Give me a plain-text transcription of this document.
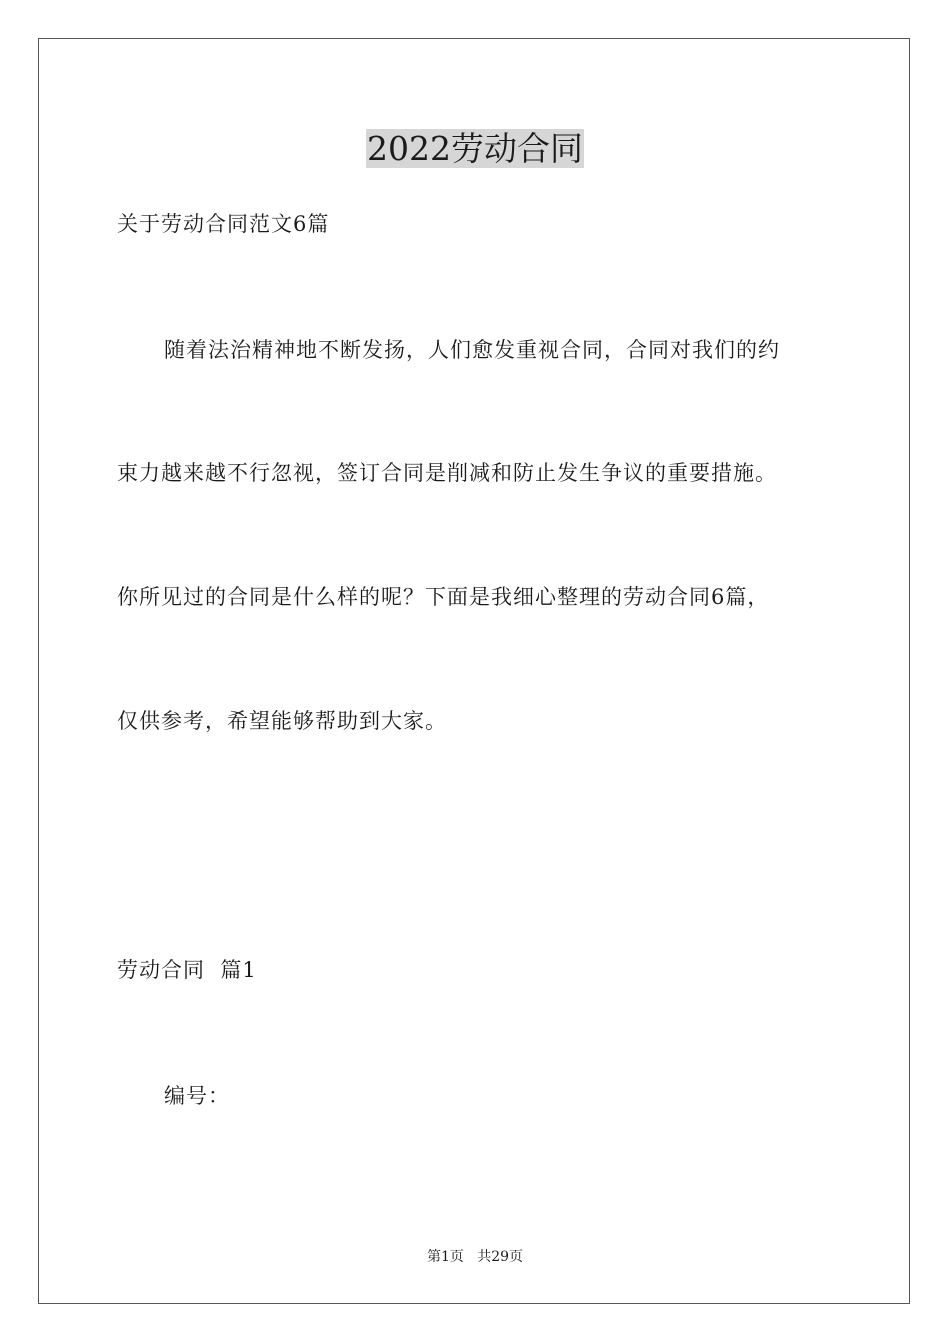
2022劳动合同
关于劳动合同范文6篇
随着法治精神地不断发扬，人们愈发重视合同，合同对我们的约
束力越来越不行忽视，签订合同是削减和防止发生争议的重要措施。
你所见过的合同是什么样的呢？下面是我细心整理的劳动合同6篇，
仅供参考，希望能够帮助到大家。
劳动合同  篇1
编号：
第1页   共29页
